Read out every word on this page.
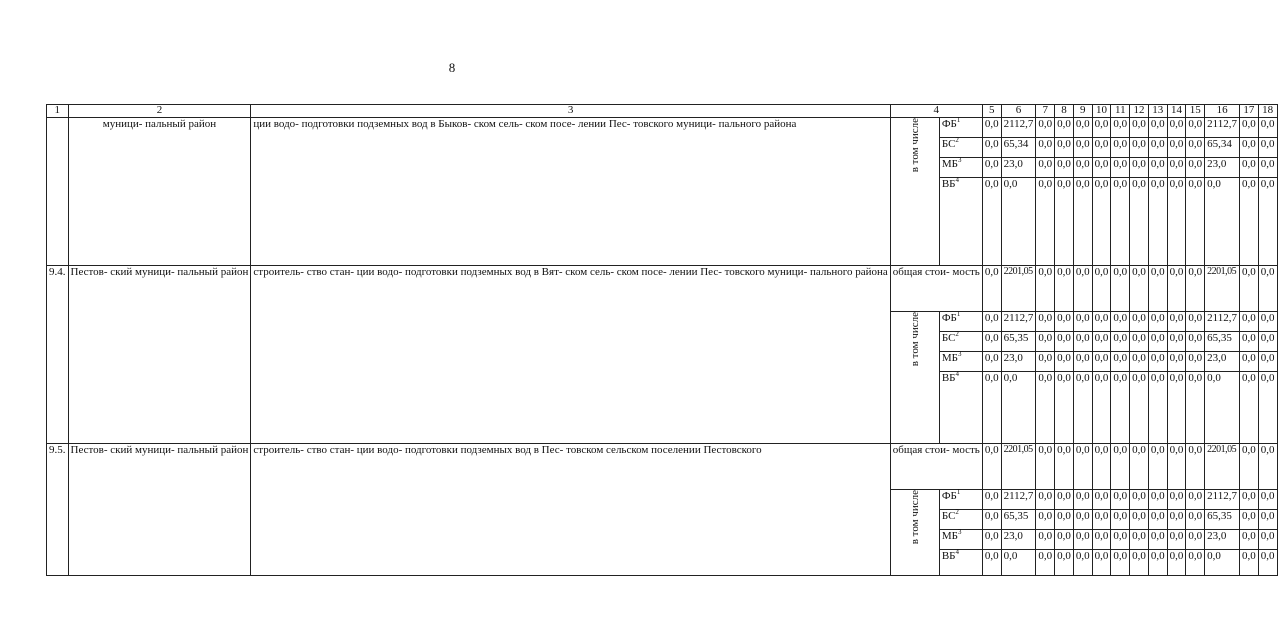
8
1	2	3	4		5	6	7	8	9	10	11	12	13	14	15	16	17	18
	муници- пальный район	ции водо- подготовки подземных вод в Быков- ском сель- ском посе- лении Пес- товского муници- пального района	в том числе	$ФБ^1$	0,0	2112,7	0,0	0,0	0,0	0,0	0,0	0,0	0,0	0,0	0,0	2112,7	0,0	0,0
				$БС^2$	0,0	65,34	0,0	0,0	0,0	0,0	0,0	0,0	0,0	0,0	0,0	65,34	0,0	0,0
				$МБ^3$	0,0	23,0	0,0	0,0	0,0	0,0	0,0	0,0	0,0	0,0	0,0	23,0	0,0	0,0
				$ВБ^4$	0,0	0,0	0,0	0,0	0,0	0,0	0,0	0,0	0,0	0,0	0,0	0,0	0,0	0,0
9.4.	Пестов- ский муници- пальный район	строитель- ство стан- ции водо- подготовки подземных вод в Вят- ском сель- ском посе- лении Пес- товского муници- пального района	общая стои- мость		0,0	2201,05	0,0	0,0	0,0	0,0	0,0	0,0	0,0	0,0	0,0	2201,05	0,0	0,0
			в том числе	$ФБ^1$	0,0	2112,7	0,0	0,0	0,0	0,0	0,0	0,0	0,0	0,0	0,0	2112,7	0,0	0,0
				$БС^2$	0,0	65,35	0,0	0,0	0,0	0,0	0,0	0,0	0,0	0,0	0,0	65,35	0,0	0,0
				$МБ^3$	0,0	23,0	0,0	0,0	0,0	0,0	0,0	0,0	0,0	0,0	0,0	23,0	0,0	0,0
				$ВБ^4$	0,0	0,0	0,0	0,0	0,0	0,0	0,0	0,0	0,0	0,0	0,0	0,0	0,0	0,0
9.5.	Пестов- ский муници- пальный район	строитель- ство стан- ции водо- подготовки подземных вод в Пес- товском сельском поселении Пестовского	общая стои- мость		0,0	2201,05	0,0	0,0	0,0	0,0	0,0	0,0	0,0	0,0	0,0	2201,05	0,0	0,0
			в том числе	$ФБ^1$	0,0	2112,7	0,0	0,0	0,0	0,0	0,0	0,0	0,0	0,0	0,0	2112,7	0,0	0,0
				$БС^2$	0,0	65,35	0,0	0,0	0,0	0,0	0,0	0,0	0,0	0,0	0,0	65,35	0,0	0,0
				$МБ^3$	0,0	23,0	0,0	0,0	0,0	0,0	0,0	0,0	0,0	0,0	0,0	23,0	0,0	0,0
				$ВБ^4$	0,0	0,0	0,0	0,0	0,0	0,0	0,0	0,0	0,0	0,0	0,0	0,0	0,0	0,0
